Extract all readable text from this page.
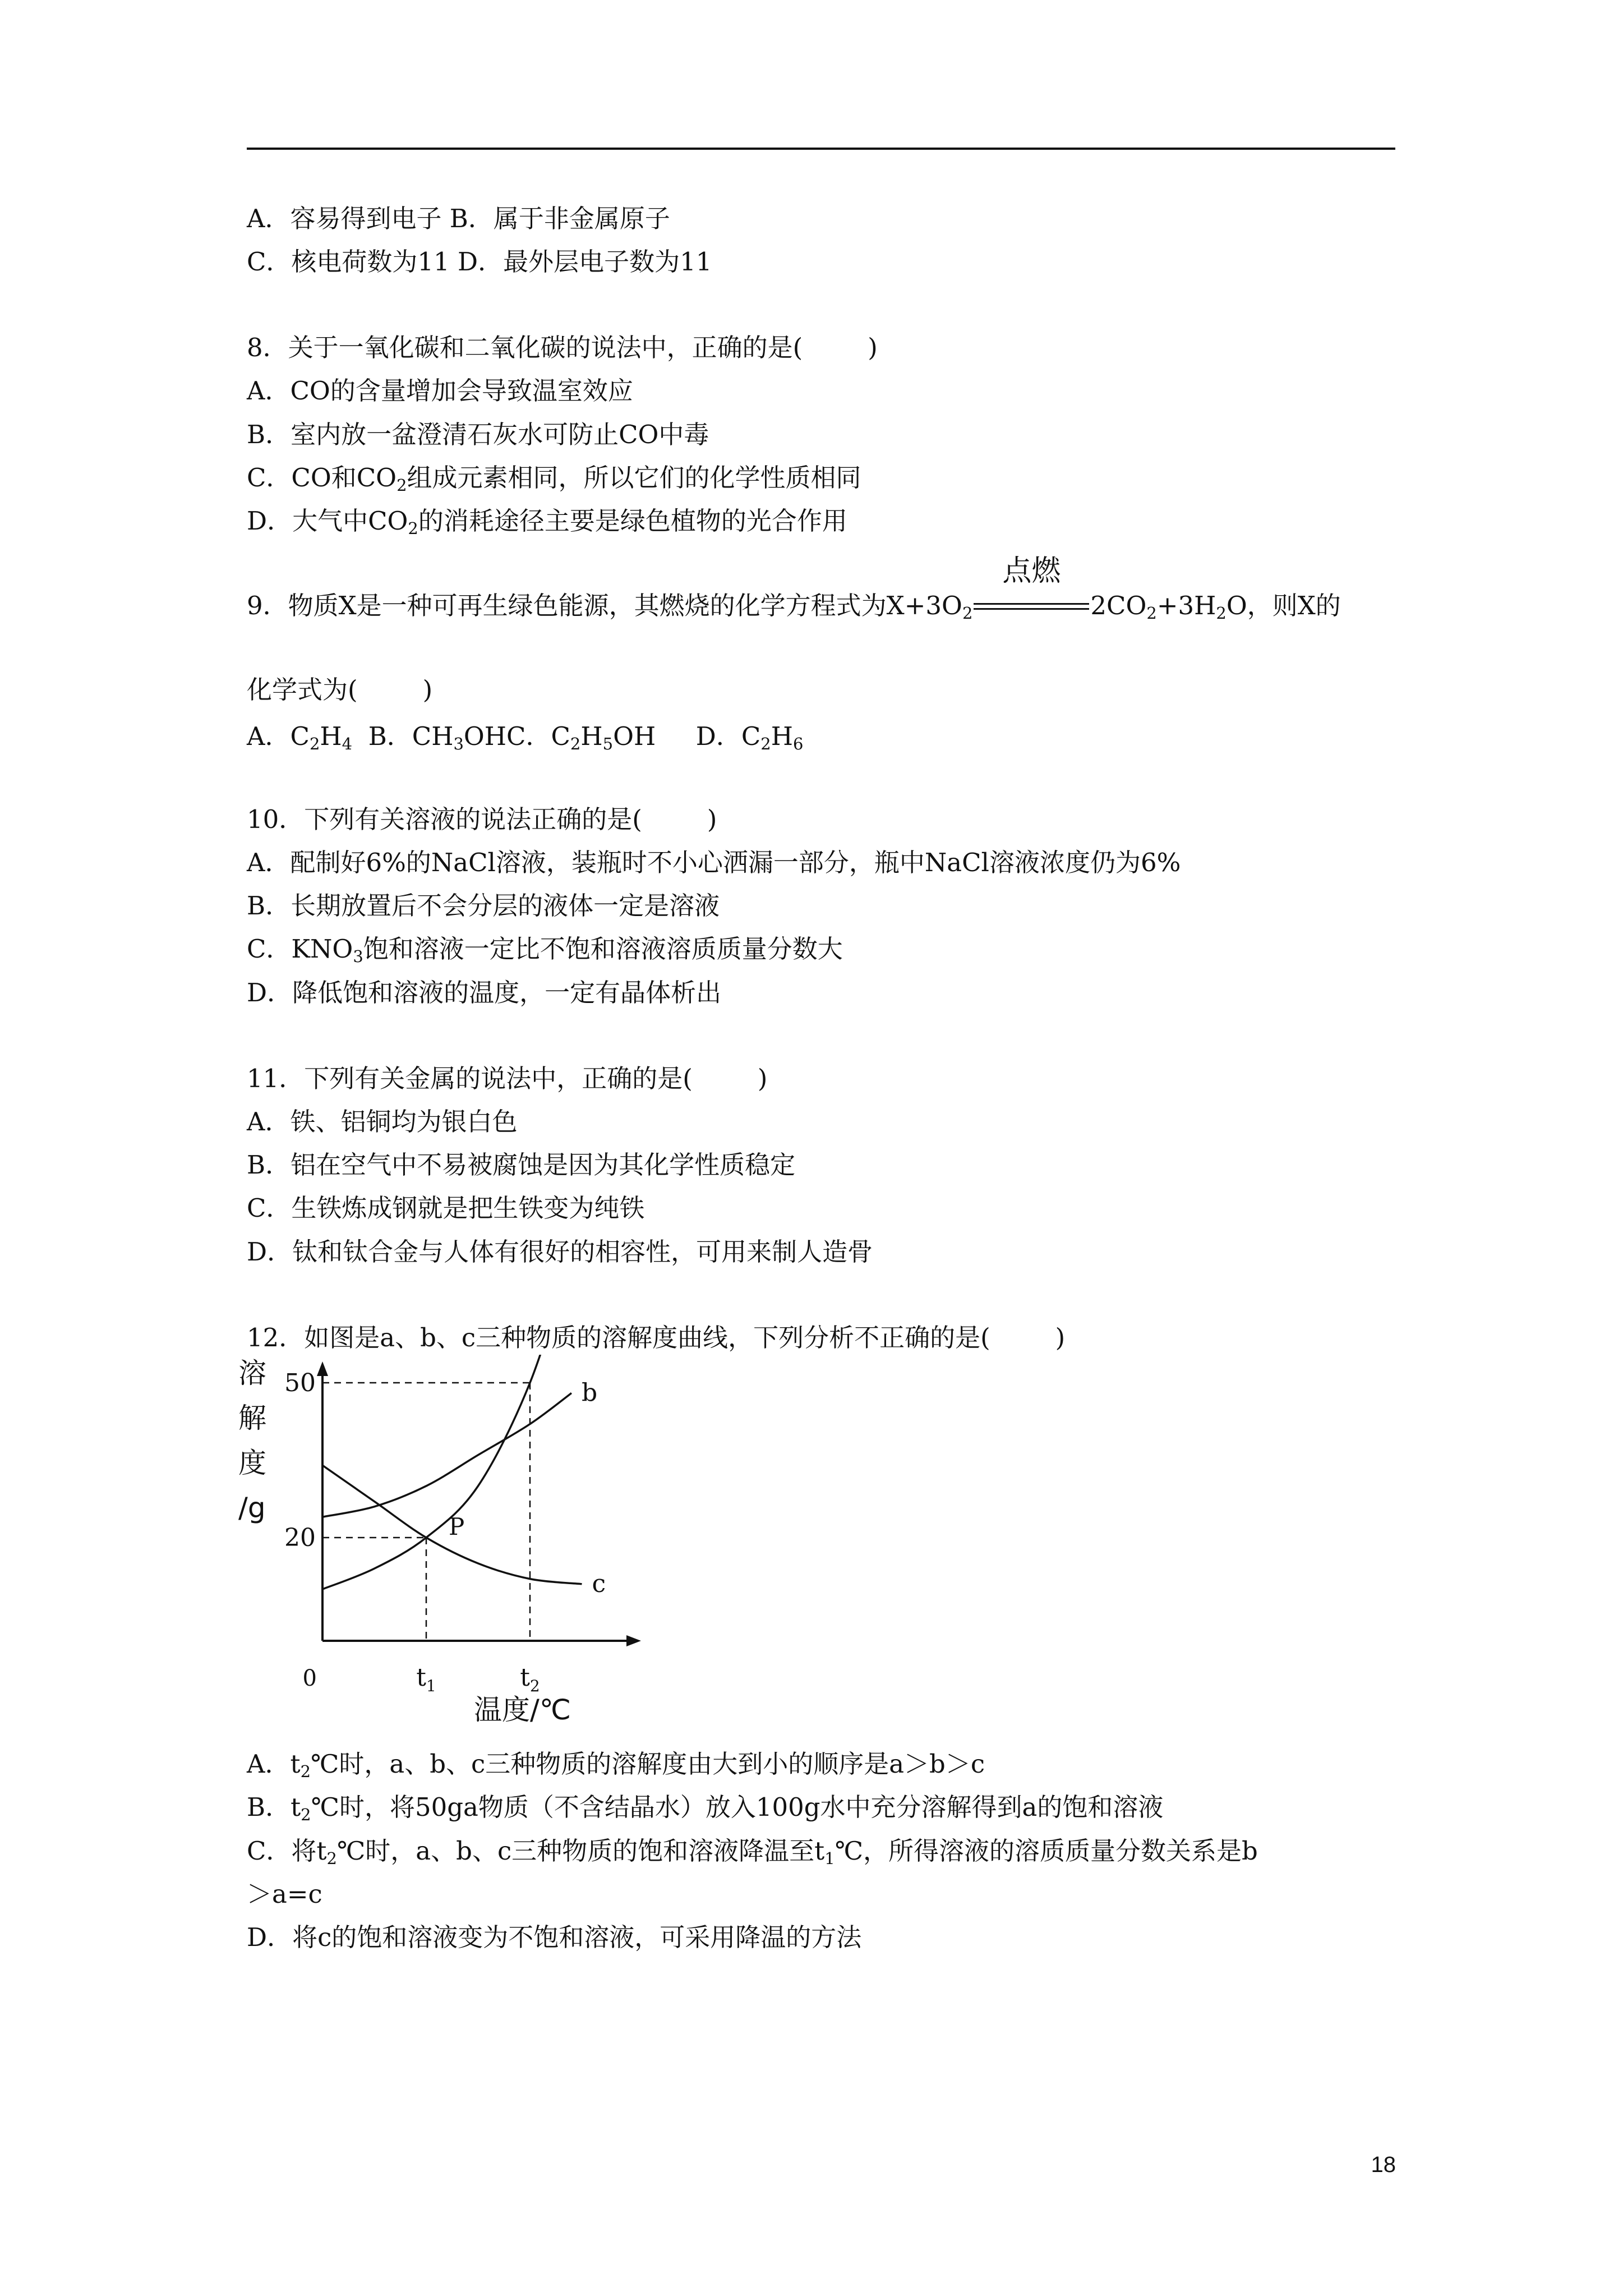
A．容易得到电子 B．属于非金属原子
C．核电荷数为11 D．最外层电子数为11
8．关于一氧化碳和二氧化碳的说法中，正确的是(	)
A．CO的含量增加会导致温室效应
B．室内放一盆澄清石灰水可防止CO中毒
C．CO和$CO_2$组成元素相同，所以它们的化学性质相同
D．大气中$CO_2$的消耗途径主要是绿色植物的光合作用
9．物质X是一种可再生绿色能源，其燃烧的化学方程式为$X+3O_2$
点燃
$2CO_2+3H_2O$，则X的
化学式为(	)
A．$C_2H_4$ B．$CH_3OHC$．$C_2H_5OH$ D．$C_2H_6$
10．下列有关溶液的说法正确的是(	)
A．配制好6%的NaCl溶液，装瓶时不小心洒漏一部分，瓶中NaCl溶液浓度仍为6%
B．长期放置后不会分层的液体一定是溶液
C．$KNO_3$饱和溶液一定比不饱和溶液溶质质量分数大
D．降低饱和溶液的温度，一定有晶体析出
11．下列有关金属的说法中，正确的是(	)
A．铁、铝铜均为银白色
B．铝在空气中不易被腐蚀是因为其化学性质稳定
C．生铁炼成钢就是把生铁变为纯铁
D．钛和钛合金与人体有很好的相容性，可用来制人造骨
12．如图是a、b、c三种物质的溶解度曲线，下列分析不正确的是(	)
溶
解
度
/g
20
50
$t_1$	$t_2$
0
温度/℃
b
c
P
A．$t_2℃$时，a、b、c三种物质的溶解度由大到小的顺序是a＞b＞c
B．$t_2℃$时，将50ga物质（不含结晶水）放入100g水中充分溶解得到a的饱和溶液
C．将$t_2℃$时，a、b、c三种物质的饱和溶液降温至$t_1℃$，所得溶液的溶质质量分数关系是b
＞a=c
D．将c的饱和溶液变为不饱和溶液，可采用降温的方法
18
